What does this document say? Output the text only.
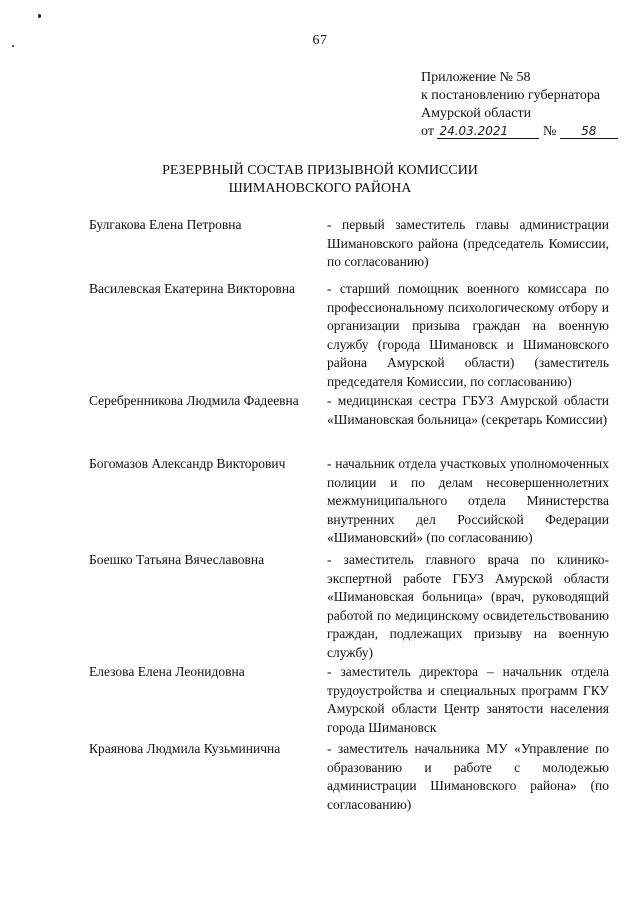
67
Приложение № 58
к постановлению губернатора
Амурской области
от 24.03.2021 № 58
РЕЗЕРВНЫЙ СОСТАВ ПРИЗЫВНОЙ КОМИССИИ
ШИМАНОВСКОГО РАЙОНА
Булгакова Елена Петровна	- первый заместитель главы администрации Шимановского района (председатель Комиссии, по согласованию)
Василевская Екатерина Викторовна	- старший помощник военного комиссара по профессиональному психологическому отбору и организации призыва граждан на военную службу (города Шимановск и Шимановского района Амурской области) (заместитель председателя Комиссии, по согласованию)
Серебренникова Людмила Фадеевна	- медицинская сестра ГБУЗ Амурской области «Шимановская больница» (секретарь Комиссии)
Богомазов Александр Викторович	- начальник отдела участковых уполномоченных полиции и по делам несовершеннолетних межмуниципального отдела Министерства внутренних дел Российской Федерации «Шимановский» (по согласованию)
Боешко Татьяна Вячеславовна	- заместитель главного врача по клинико-экспертной работе ГБУЗ Амурской области «Шимановская больница» (врач, руководящий работой по медицинскому освидетельствованию граждан, подлежащих призыву на военную службу)
Елезова Елена Леонидовна	- заместитель директора – начальник отдела трудоустройства и специальных программ ГКУ Амурской области Центр занятости населения города Шимановск
Краянова Людмила Кузьминична	- заместитель начальника МУ «Управление по образованию и работе с молодежью администрации Шимановского района» (по согласованию)
